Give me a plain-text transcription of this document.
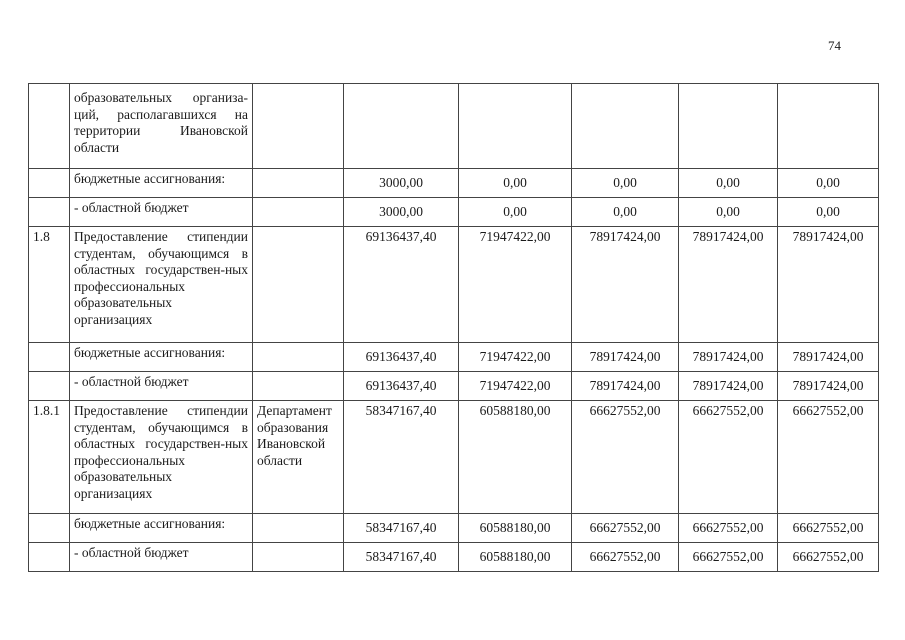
74
	образовательных организа-ций, располагавшихся на территории Ивановской области						
	бюджетные ассигнования:		3000,00	0,00	0,00	0,00	0,00
	- областной бюджет		3000,00	0,00	0,00	0,00	0,00
1.8	Предоставление стипендии студентам, обучающимся в областных государствен-ных профессиональных образовательных организациях		69136437,40	71947422,00	78917424,00	78917424,00	78917424,00
	бюджетные ассигнования:		69136437,40	71947422,00	78917424,00	78917424,00	78917424,00
	- областной бюджет		69136437,40	71947422,00	78917424,00	78917424,00	78917424,00
1.8.1	Предоставление стипендии студентам, обучающимся в областных государствен-ных профессиональных образовательных организациях	Департамент образования Ивановской области	58347167,40	60588180,00	66627552,00	66627552,00	66627552,00
	бюджетные ассигнования:		58347167,40	60588180,00	66627552,00	66627552,00	66627552,00
	- областной бюджет		58347167,40	60588180,00	66627552,00	66627552,00	66627552,00
